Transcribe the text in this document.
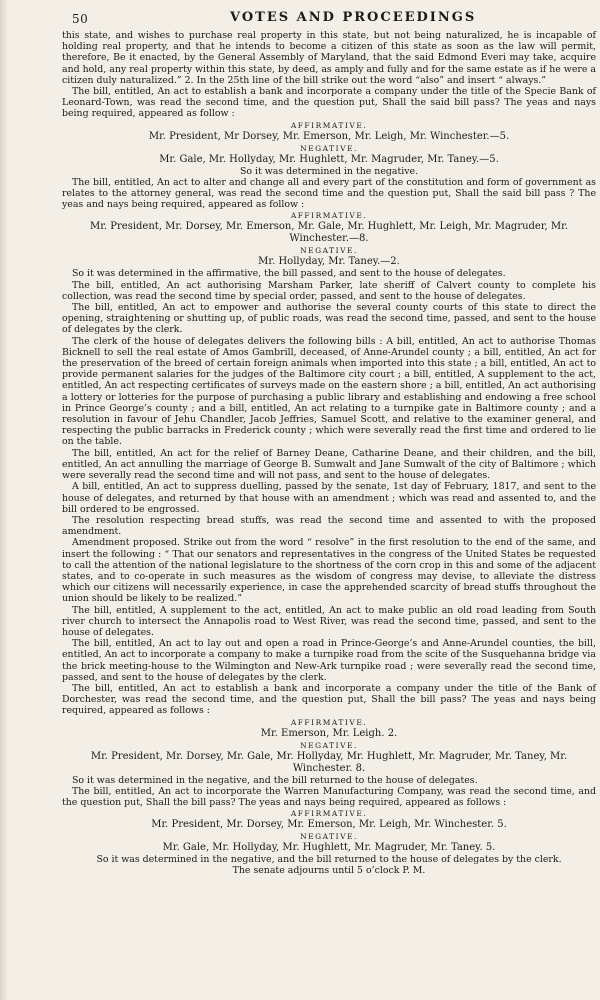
50	VOTES AND PROCEEDINGS

this state, and wishes to purchase real property in this state, but not being naturalized, he is incapable of holding real property, and that he intends to become a citizen of this state as soon as the law will permit, therefore, Be it enacted, by the General Assembly of Maryland, that the said Edmond Everi may take, acquire and hold, any real property within this state, by deed, as amply and fully and for the same estate as if he were a citizen duly naturalized.” 2. In the 25th line of the bill strike out the word “also” and insert “ always.”

The bill, entitled, An act to establish a bank and incorporate a company under the title of the Specie Bank of Leonard-Town, was read the second time, and the question put, Shall the said bill pass? The yeas and nays being required, appeared as follow :

AFFIRMATIVE.

Mr. President, Mr Dorsey, Mr. Emerson, Mr. Leigh, Mr. Winchester.—5.

NEGATIVE.

Mr. Gale, Mr. Hollyday, Mr. Hughlett, Mr. Magruder, Mr. Taney.—5.

So it was determined in the negative.

The bill, entitled, An act to alter and change all and every part of the constitution and form of government as relates to the attorney general, was read the second time and the question put, Shall the said bill pass ? The yeas and nays being required, appeared as follow :

AFFIRMATIVE.

Mr. President, Mr. Dorsey, Mr. Emerson, Mr. Gale, Mr. Hughlett, Mr. Leigh, Mr. Magruder, Mr. Winchester.—8.

NEGATIVE.

Mr. Hollyday, Mr. Taney.—2.

So it was determined in the affirmative, the bill passed, and sent to the house of delegates.

The bill, entitled, An act authorising Marsham Parker, late sheriff of Calvert county to complete his collection, was read the second time by special order, passed, and sent to the house of delegates.

The bill, entitled, An act to empower and authorise the several county courts of this state to direct the opening, straightening or shutting up, of public roads, was read the second time, passed, and sent to the house of delegates by the clerk.

The clerk of the house of delegates delivers the following bills : A bill, entitled, An act to authorise Thomas Bicknell to sell the real estate of Amos Gambrill, deceased, of Anne-Arundel county ; a bill, entitled, An act for the preservation of the breed of certain foreign animals when imported into this state ; a bill, entitled, An act to provide permanent salaries for the judges of the Baltimore city court ; a bill, entitled, A supplement to the act, entitled, An act respecting certificates of surveys made on the eastern shore ; a bill, entitled, An act authorising a lottery or lotteries for the purpose of purchasing a public library and establishing and endowing a free school in Prince George’s county ; and a bill, entitled, An act relating to a turnpike gate in Baltimore county ; and a resolution in favour of Jehu Chandler, Jacob Jeffries, Samuel Scott, and relative to the examiner general, and respecting the public barracks in Frederick county ; which were severally read the first time and ordered to lie on the table.

The bill, entitled, An act for the relief of Barney Deane, Catharine Deane, and their children, and the bill, entitled, An act annulling the marriage of George B. Sumwalt and Jane Sumwalt of the city of Baltimore ; which were severally read the second time and will not pass, and sent to the house of delegates.

A bill, entitled, An act to suppress duelling, passed by the senate, 1st day of February, 1817, and sent to the house of delegates, and returned by that house with an amendment ; which was read and assented to, and the bill ordered to be engrossed.

The resolution respecting bread stuffs, was read the second time and assented to with the proposed amendment.

Amendment proposed. Strike out from the word “ resolve” in the first resolution to the end of the same, and insert the following : “ That our senators and representatives in the congress of the United States be requested to call the attention of the national legislature to the shortness of the corn crop in this and some of the adjacent states, and to co-operate in such measures as the wisdom of congress may devise, to alleviate the distress which our citizens will necessarily experience, in case the apprehended scarcity of bread stuffs throughout the union should be likely to be realized.”

The bill, entitled, A supplement to the act, entitled, An act to make public an old road leading from South river church to intersect the Annapolis road to West River, was read the second time, passed, and sent to the house of delegates.

The bill, entitled, An act to lay out and open a road in Prince-George’s and Anne-Arundel counties, the bill, entitled, An act to incorporate a company to make a turnpike road from the scite of the Susquehanna bridge via the brick meeting-house to the Wilmington and New-Ark turnpike road ; were severally read the second time, passed, and sent to the house of delegates by the clerk.

The bill, entitled, An act to establish a bank and incorporate a company under the title of the Bank of Dorchester, was read the second time, and the question put, Shall the bill pass? The yeas and nays being required, appeared as follows :

AFFIRMATIVE.

Mr. Emerson, Mr. Leigh. 2.

NEGATIVE.

Mr. President, Mr. Dorsey, Mr. Gale, Mr. Hollyday, Mr. Hughlett, Mr. Magruder, Mr. Taney, Mr. Winchester. 8.

So it was determined in the negative, and the bill returned to the house of delegates.

The bill, entitled, An act to incorporate the Warren Manufacturing Company, was read the second time, and the question put, Shall the bill pass? The yeas and nays being required, appeared as follows :

AFFIRMATIVE.

Mr. President, Mr. Dorsey, Mr. Emerson, Mr. Leigh, Mr. Winchester. 5.

NEGATIVE.

Mr. Gale, Mr. Hollyday, Mr. Hughlett, Mr. Magruder, Mr. Taney. 5.

So it was determined in the negative, and the bill returned to the house of delegates by the clerk.

The senate adjourns until 5 o’clock P. M.
